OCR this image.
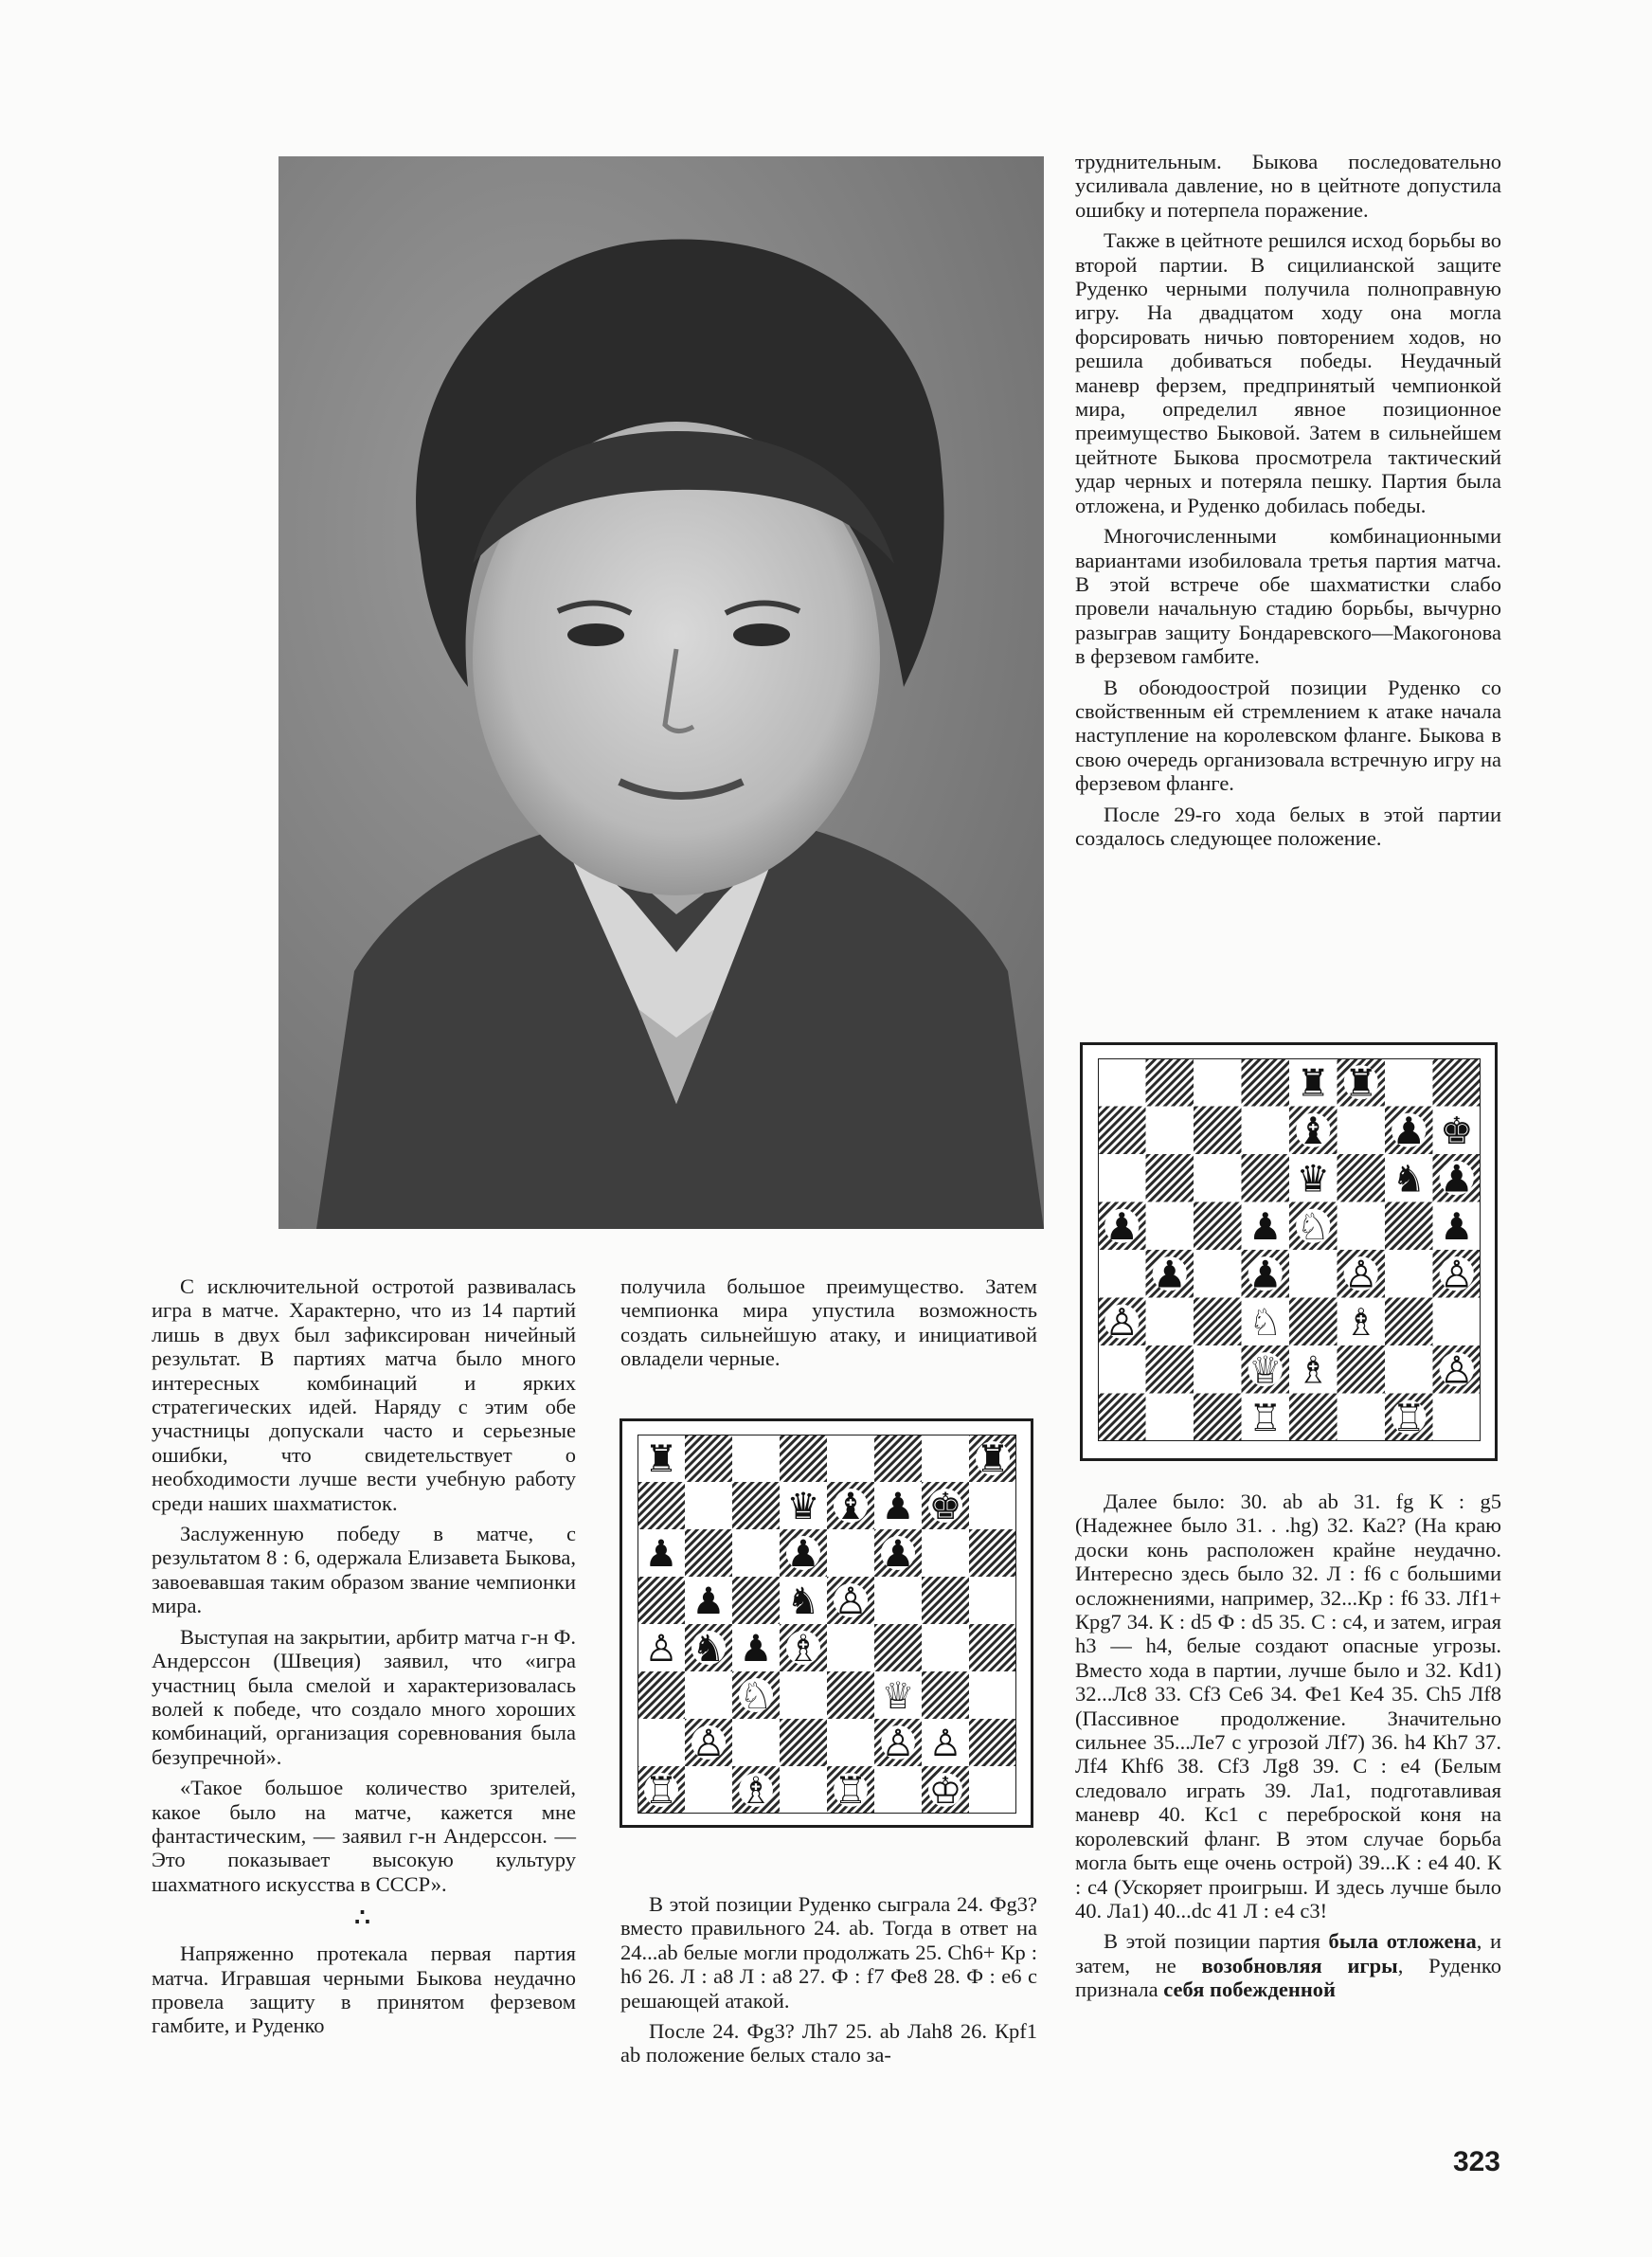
С исключительной остротой развивалась игра в матче. Характерно, что из 14 партий лишь в двух был зафиксирован ничейный результат. В партиях матча было много интересных комбинаций и ярких стратегических идей. Наряду с этим обе участницы допускали часто и серьезные ошибки, что свидетельствует о необходимости лучше вести учебную работу среди наших шахматисток.

Заслуженную победу в матче, с результатом 8 : 6, одержала Елизавета Быкова, завоевавшая таким образом звание чемпионки мира.

Выступая на закрытии, арбитр матча г-н Ф. Андерссон (Швеция) заявил, что «игра участниц была смелой и характеризовалась волей к победе, что создало много хороших комбинаций, организация соревнования была безупречной».

«Такое большое количество зрителей, какое было на матче, кажется мне фантастическим, — заявил г-н Андерссон. — Это показывает высокую культуру шахматного искусства в СССР».

∴

Напряженно протекала первая партия матча. Игравшая черными Быкова неудачно провела защиту в принятом ферзевом гамбите, и Руденко

получила большое преимущество. Затем чемпионка мира упустила возможность создать сильнейшую атаку, и инициативой овладели черные.

♜	♜
♛ ♝ ♟ ♚
♟	♟ ♟
♟ ♞ ♙
♙ ♞ ♟ ♗
♘	♕
♙	♙ ♙
♖ ♗ ♖ ♔

В этой позиции Руденко сыграла 24. Фg3? вместо правильного 24. ab. Тогда в ответ на 24...ab белые могли продолжать 25. Ch6+ Кр : h6 26. Л : a8 Л : a8 27. Ф : f7 Фe8 28. Ф : e6 с решающей атакой.

После 24. Фg3? Лh7 25. ab Лah8 26. Крf1 ab положение белых стало за-

труднительным. Быкова последовательно усиливала давление, но в цейтноте допустила ошибку и потерпела поражение.

Также в цейтноте решился исход борьбы во второй партии. В сицилианской защите Руденко черными получила полноправную игру. На двадцатом ходу она могла форсировать ничью повторением ходов, но решила добиваться победы. Неудачный маневр ферзем, предпринятый чемпионкой мира, определил явное позиционное преимущество Быковой. Затем в сильнейшем цейтноте Быкова просмотрела тактический удар черных и потеряла пешку. Партия была отложена, и Руденко добилась победы.

Многочисленными комбинационными вариантами изобиловала третья партия матча. В этой встрече обе шахматистки слабо провели начальную стадию борьбы, вычурно разыграв защиту Бондаревского—Макогонова в ферзевом гамбите.

В обоюдоострой позиции Руденко со свойственным ей стремлением к атаке начала наступление на королевском фланге. Быкова в свою очередь организовала встречную игру на ферзевом фланге.

После 29-го хода белых в этой партии создалось следующее положение.

♜ ♜
♝ ♟ ♚
♛ ♞ ♟
♟	♟ ♘	♟
♟ ♟ ♙ ♙
♙	♘ ♗
♕ ♗	♙
♖	♖

Далее было: 30. ab ab 31. fg К : g5 (Надежнее было 31. . .hg) 32. Кa2? (На краю доски конь расположен крайне неудачно. Интересно здесь было 32. Л : f6 с большими осложнениями, например, 32...Кр : f6 33. Лf1+ Крg7 34. К : d5 Ф : d5 35. С : c4, и затем, играя h3 — h4, белые создают опасные угрозы. Вместо хода в партии, лучше было и 32. Кd1) 32...Лc8 33. Cf3 Ce6 34. Фe1 Кe4 35. Ch5 Лf8 (Пассивное продолжение. Значительно сильнее 35...Лe7 с угрозой Лf7) 36. h4 Кh7 37. Лf4 Кhf6 38. Cf3 Лg8 39. C : e4 (Белым следовало играть 39. Лa1, подготавливая маневр 40. Кc1 с переброской коня на королевский фланг. В этом случае борьба могла быть еще очень острой) 39...К : e4 40. К : c4 (Ускоряет проигрыш. И здесь лучше было 40. Лa1) 40...dc 41 Л : e4 c3!

В этой позиции партия была отложена, и затем, не возобновляя игры, Руденко признала себя побежденной

323
